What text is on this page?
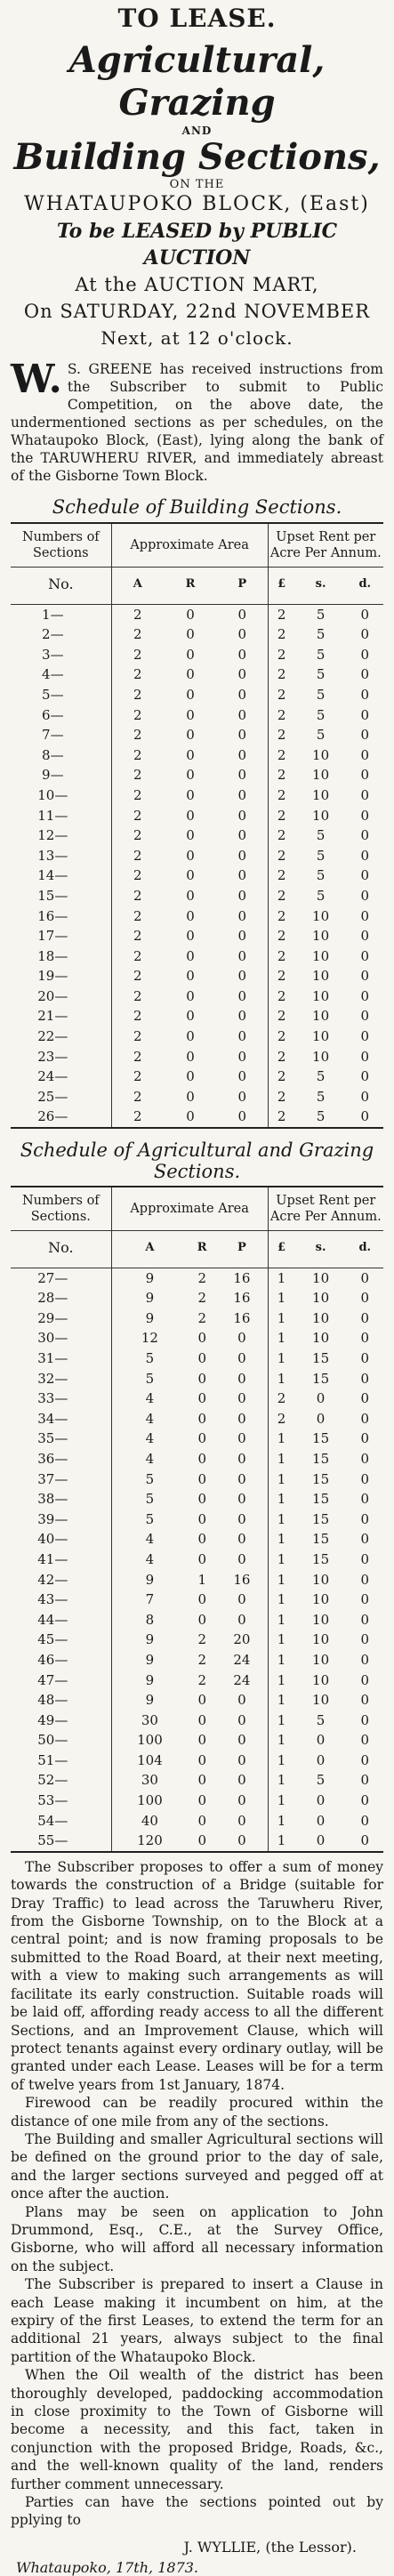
TO LEASE.
Agricultural, Grazing
AND
Building Sections,
ON THE
WHATAUPOKO BLOCK, (East)
To be LEASED by PUBLIC AUCTION
At the AUCTION MART,
On SATURDAY, 22nd NOVEMBER
Next, at 12 o'clock.
W. S. GREENE has received instructions from the Subscriber to submit to Public Competition, on the above date, the undermentioned sections as per schedules, on the Whataupoko Block, (East), lying along the bank of the TARUWHERU RIVER, and immediately abreast of the Gisborne Town Block.
Schedule of Building Sections.
Numbers of Sections	Approximate Area			Upset Rent per Acre Per Annum.		
No.	A	R	P	£	s.	d.
1—	2	0	0	2	5	0
2—	2	0	0	2	5	0
3—	2	0	0	2	5	0
4—	2	0	0	2	5	0
5—	2	0	0	2	5	0
6—	2	0	0	2	5	0
7—	2	0	0	2	5	0
8—	2	0	0	2	10	0
9—	2	0	0	2	10	0
10—	2	0	0	2	10	0
11—	2	0	0	2	10	0
12—	2	0	0	2	5	0
13—	2	0	0	2	5	0
14—	2	0	0	2	5	0
15—	2	0	0	2	5	0
16—	2	0	0	2	10	0
17—	2	0	0	2	10	0
18—	2	0	0	2	10	0
19—	2	0	0	2	10	0
20—	2	0	0	2	10	0
21—	2	0	0	2	10	0
22—	2	0	0	2	10	0
23—	2	0	0	2	10	0
24—	2	0	0	2	5	0
25—	2	0	0	2	5	0
26—	2	0	0	2	5	0
Schedule of Agricultural and Grazing
Sections.
Numbers of Sections.	Approximate Area			Upset Rent per Acre Per Annum.		
No.	A	R	P	£	s.	d.
27—	9	2	16	1	10	0
28—	9	2	16	1	10	0
29—	9	2	16	1	10	0
30—	12	0	0	1	10	0
31—	5	0	0	1	15	0
32—	5	0	0	1	15	0
33—	4	0	0	2	0	0
34—	4	0	0	2	0	0
35—	4	0	0	1	15	0
36—	4	0	0	1	15	0
37—	5	0	0	1	15	0
38—	5	0	0	1	15	0
39—	5	0	0	1	15	0
40—	4	0	0	1	15	0
41—	4	0	0	1	15	0
42—	9	1	16	1	10	0
43—	7	0	0	1	10	0
44—	8	0	0	1	10	0
45—	9	2	20	1	10	0
46—	9	2	24	1	10	0
47—	9	2	24	1	10	0
48—	9	0	0	1	10	0
49—	30	0	0	1	5	0
50—	100	0	0	1	0	0
51—	104	0	0	1	0	0
52—	30	0	0	1	5	0
53—	100	0	0	1	0	0
54—	40	0	0	1	0	0
55—	120	0	0	1	0	0

The Subscriber proposes to offer a sum of money towards the construction of a Bridge (suitable for Dray Traffic) to lead across the Taruwheru River, from the Gisborne Township, on to the Block at a central point; and is now framing proposals to be submitted to the Road Board, at their next meeting, with a view to making such arrangements as will facilitate its early construction. Suitable roads will be laid off, affording ready access to all the different Sections, and an Improvement Clause, which will protect tenants against every ordinary outlay, will be granted under each Lease. Leases will be for a term of twelve years from 1st January, 1874.

Firewood can be readily procured within the distance of one mile from any of the sections.

The Building and smaller Agricultural sections will be defined on the ground prior to the day of sale, and the larger sections surveyed and pegged off at once after the auction.

Plans may be seen on application to John Drummond, Esq., C.E., at the Survey Office, Gisborne, who will afford all necessary information on the subject.

The Subscriber is prepared to insert a Clause in each Lease making it incumbent on him, at the expiry of the first Leases, to extend the term for an additional 21 years, always subject to the final partition of the Whataupoko Block.

When the Oil wealth of the district has been thoroughly developed, paddocking accommodation in close proximity to the Town of Gisborne will become a necessity, and this fact, taken in conjunction with the proposed Bridge, Roads, &c., and the well-known quality of the land, renders further comment unnecessary.

Parties can have the sections pointed out by pplying to

J. WYLLIE, (the Lessor).
Whataupoko, 17th, 1873.
